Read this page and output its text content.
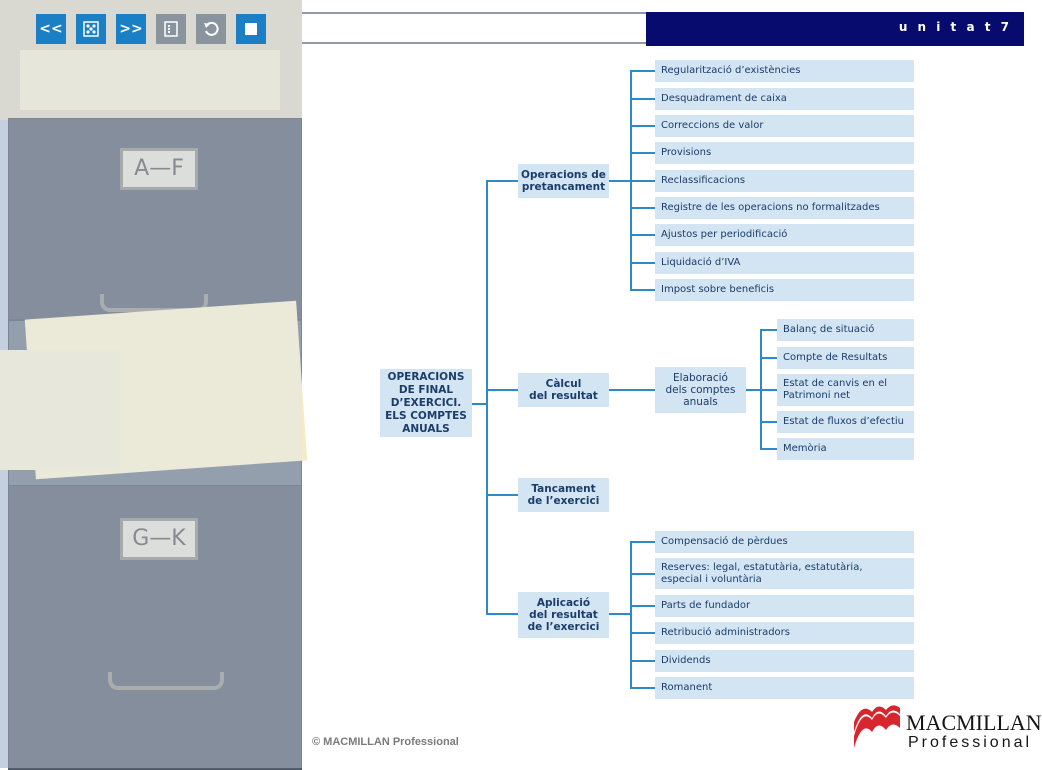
A—F
G—K
<<	>>	u n i t a t 7
OPERACIONS
DE FINAL
D’EXERCICI.
ELS COMPTES
ANUALS
Operacions de
pretancament
Càlcul
del resultat
Tancament
de l’exercici
Aplicació
del resultat
de l’exercici
Elaboració
dels comptes
anuals
Regularització d’existències
Desquadrament de caixa
Correccions de valor
Provisions
Reclassificacions
Registre de les operacions no formalitzades
Ajustos per periodificació
Liquidació d’IVA
Impost sobre beneficis
Balanç de situació
Compte de Resultats
Estat de canvis en el
Patrimoni net
Estat de fluxos d’efectiu
Memòria
Compensació de pèrdues
Reserves: legal, estatutària, estatutària,
especial i voluntària
Parts de fundador
Retribució administradors
Dividends
Romanent
© MACMILLAN Professional
MACMILLAN
Professional
